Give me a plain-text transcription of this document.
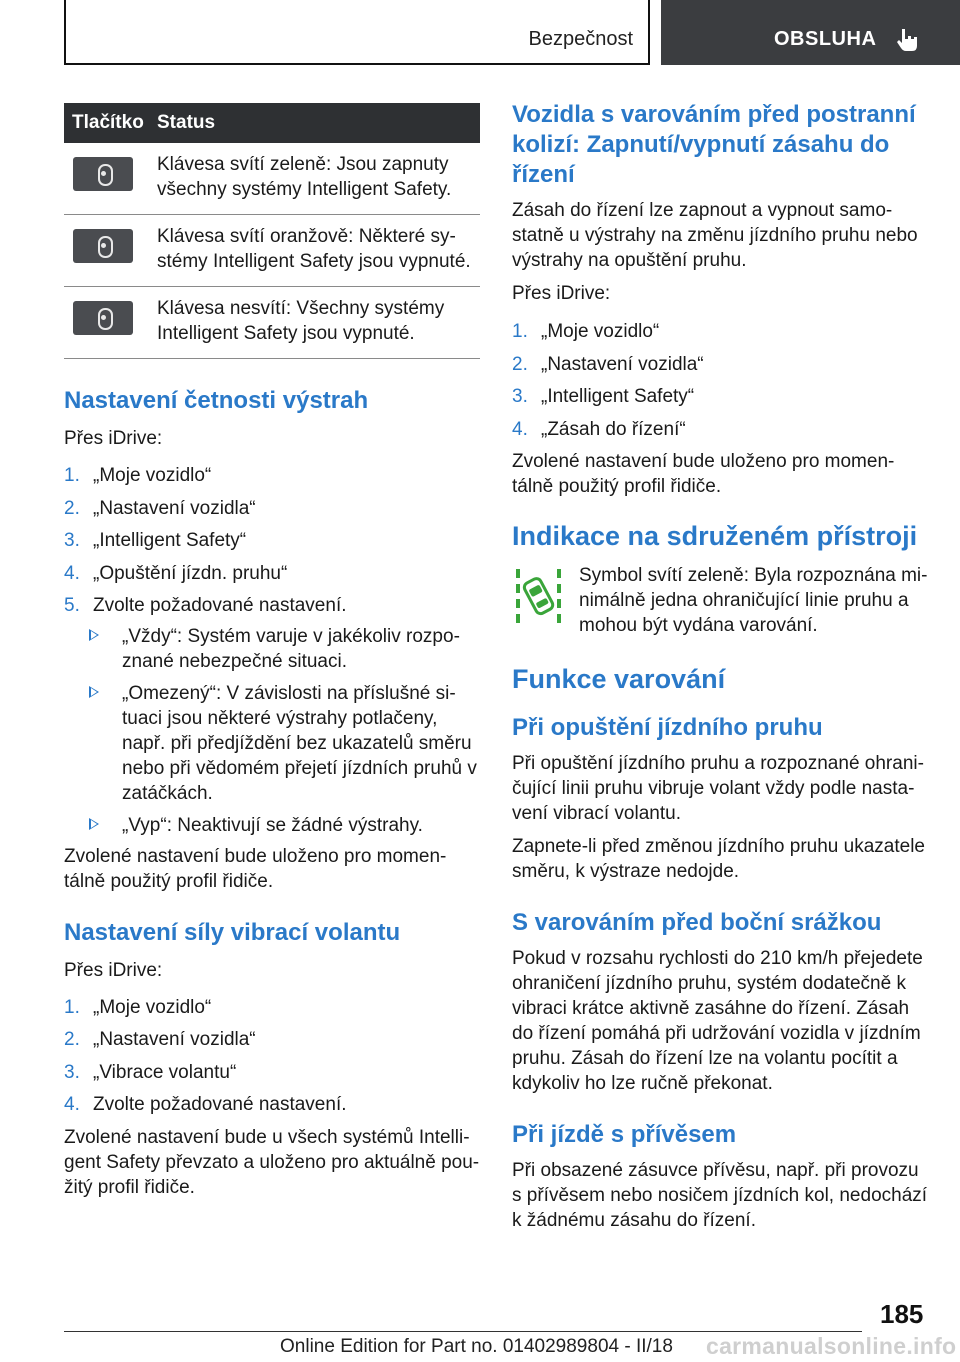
Bezpečnost	OBSLUHA
Tlačítko	Status

	Klávesa svítí zeleně: Jsou zapnuty všechny systémy Intelligent Safety.

	Klávesa svítí oranžově: Některé systémy Intelligent Safety jsou vypnuté.

	Klávesa nesvítí: Všechny systémy Intelligent Safety jsou vypnuté.
Nastavení četnosti výstrah

Přes iDrive:

1. „Moje vozidlo“
2. „Nastavení vozidla“
3. „Intelligent Safety“
4. „Opuštění jízdn. pruhu“
5. Zvolte požadované nastavení.
„Vždy“: Systém varuje v jakékoliv rozpoznané nebezpečné situaci.
„Omezený“: V závislosti na příslušné situaci jsou některé výstrahy potlačeny, např. při předjíždění bez ukazatelů směru nebo při vědomém přejetí jízdních pruhů v zatáčkách.
„Vyp“: Neaktivují se žádné výstrahy.

Zvolené nastavení bude uloženo pro momentálně použitý profil řidiče.

Nastavení síly vibrací volantu

Přes iDrive:

1. „Moje vozidlo“
2. „Nastavení vozidla“
3. „Vibrace volantu“
4. Zvolte požadované nastavení.

Zvolené nastavení bude u všech systémů Intelligent Safety převzato a uloženo pro aktuálně použitý profil řidiče.

Vozidla s varováním před postranní kolizí: Zapnutí/vypnutí zásahu do řízení

Zásah do řízení lze zapnout a vypnout samostatně u výstrahy na změnu jízdního pruhu nebo výstrahy na opuštění pruhu.

Přes iDrive:

1. „Moje vozidlo“
2. „Nastavení vozidla“
3. „Intelligent Safety“
4. „Zásah do řízení“

Zvolené nastavení bude uloženo pro momentálně použitý profil řidiče.

Indikace na sdruženém přístroji

Symbol svítí zeleně: Byla rozpoznána minimálně jedna ohraničující linie pruhu a mohou být vydána varování.

Funkce varování
Při opuštění jízdního pruhu

Při opuštění jízdního pruhu a rozpoznané ohraničující linii pruhu vibruje volant vždy podle nastavení vibrací volantu.

Zapnete-li před změnou jízdního pruhu ukazatele směru, k výstraze nedojde.

S varováním před boční srážkou

Pokud v rozsahu rychlosti do 210 km/h přejedete ohraničení jízdního pruhu, systém dodatečně k vibraci krátce aktivně zasáhne do řízení. Zásah do řízení pomáhá při udržování vozidla v jízdním pruhu. Zásah do řízení lze na volantu pocítit a kdykoliv ho lze ručně překonat.

Při jízdě s přívěsem

Při obsazené zásuvce přívěsu, např. při provozu s přívěsem nebo nosičem jízdních kol, nedochází k žádnému zásahu do řízení.

185
Online Edition for Part no. 01402989804 - II/18 carmanualsonline.info
